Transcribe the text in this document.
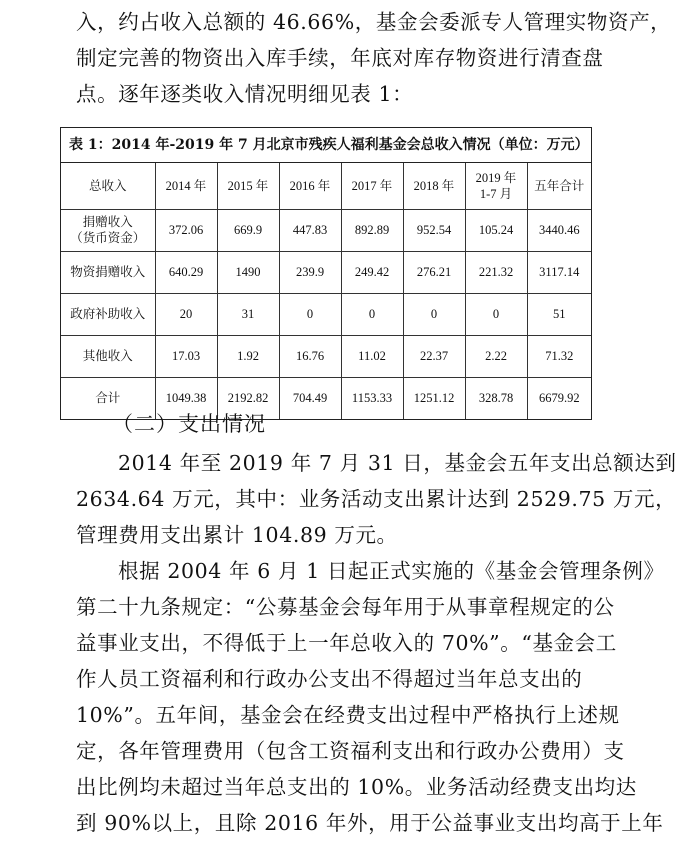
入，约占收入总额的 46.66%，基金会委派专人管理实物资产，
制定完善的物资出入库手续，年底对库存物资进行清查盘
点。逐年逐类收入情况明细见表 1：
表 1：2014 年-2019 年 7 月北京市残疾人福利基金会总收入情况（单位：万元）
总收入	2014 年	2015 年	2016 年	2017 年	2018 年	2019 年
1-7 月	五年合计

捐赠收入
（货币资金）	372.06	669.9	447.83	892.89	952.54	105.24	3440.46

物资捐赠收入	640.29	1490	239.9	249.42	276.21	221.32	3117.14

政府补助收入	20	31	0	0	0	0	51

其他收入	17.03	1.92	16.76	11.02	22.37	2.22	71.32

合计	1049.38	2192.82	704.49	1153.33	1251.12	328.78	6679.92
（二）支出情况
2014 年至 2019 年 7 月 31 日，基金会五年支出总额达到
2634.64 万元，其中：业务活动支出累计达到 2529.75 万元，
管理费用支出累计 104.89 万元。
根据 2004 年 6 月 1 日起正式实施的《基金会管理条例》
第二十九条规定：“公募基金会每年用于从事章程规定的公
益事业支出，不得低于上一年总收入的 70%”。“基金会工
作人员工资福利和行政办公支出不得超过当年总支出的
10%”。五年间，基金会在经费支出过程中严格执行上述规
定，各年管理费用（包含工资福利支出和行政办公费用）支
出比例均未超过当年总支出的 10%。业务活动经费支出均达
到 90%以上，且除 2016 年外，用于公益事业支出均高于上年
